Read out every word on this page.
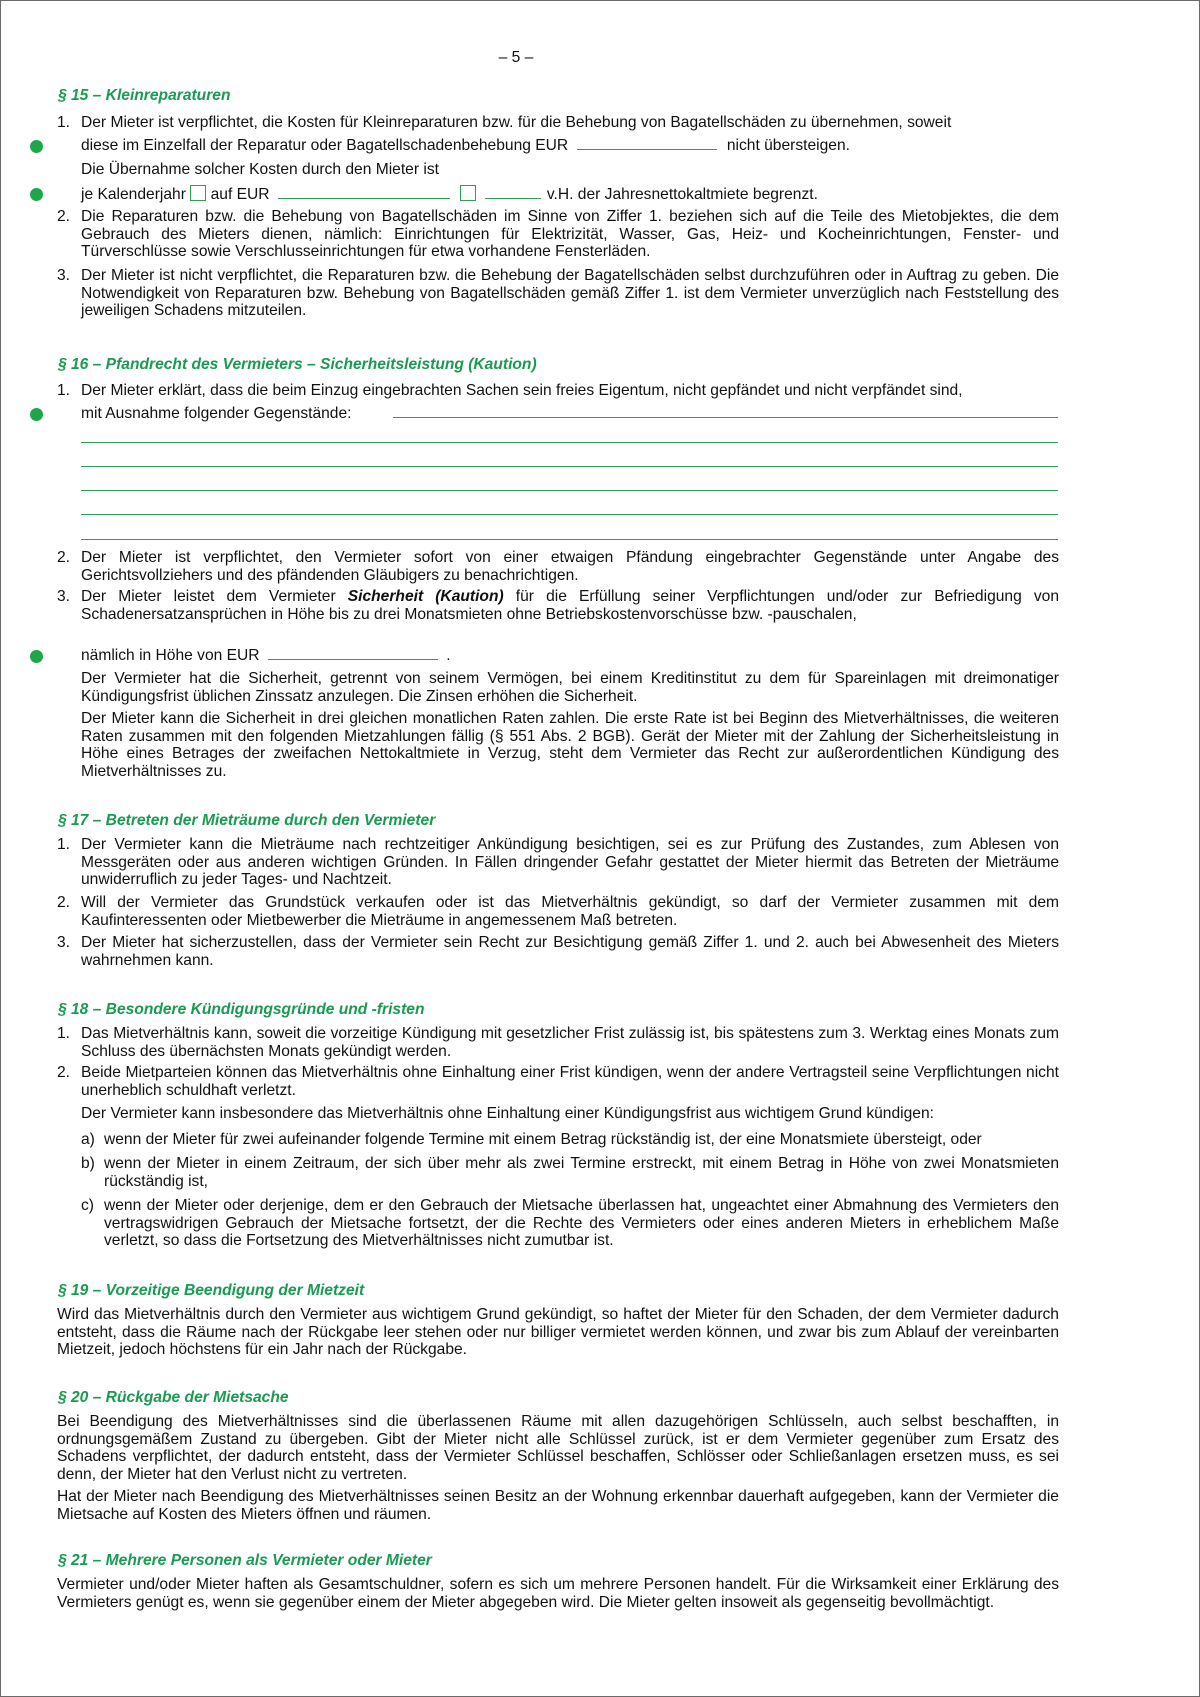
– 5 –
§ 15 – Kleinreparaturen
1. Der Mieter ist verpflichtet, die Kosten für Kleinreparaturen bzw. für die Behebung von Bagatellschäden zu übernehmen, soweit
diese im Einzelfall der Reparatur oder Bagatellschadenbehebung EUR	nicht übersteigen.
Die Übernahme solcher Kosten durch den Mieter ist
je Kalenderjahr auf EUR	v.H. der Jahresnettokaltmiete begrenzt.
2. Die Reparaturen bzw. die Behebung von Bagatellschäden im Sinne von Ziffer 1. beziehen sich auf die Teile des Mietobjektes, die dem Gebrauch des Mieters dienen, nämlich: Einrichtungen für Elektrizität, Wasser, Gas, Heiz- und Kocheinrichtungen, Fenster- und Türverschlüsse sowie Verschlusseinrichtungen für etwa vorhandene Fensterläden.
3. Der Mieter ist nicht verpflichtet, die Reparaturen bzw. die Behebung der Bagatellschäden selbst durchzuführen oder in Auftrag zu geben. Die Notwendigkeit von Reparaturen bzw. Behebung von Bagatellschäden gemäß Ziffer 1. ist dem Vermieter unverzüglich nach Feststellung des jeweiligen Schadens mitzuteilen.
§ 16 – Pfandrecht des Vermieters – Sicherheitsleistung (Kaution)
1. Der Mieter erklärt, dass die beim Einzug eingebrachten Sachen sein freies Eigentum, nicht gepfändet und nicht verpfändet sind,
mit Ausnahme folgender Gegenstände:
2. Der Mieter ist verpflichtet, den Vermieter sofort von einer etwaigen Pfändung eingebrachter Gegenstände unter Angabe des Gerichtsvollziehers und des pfändenden Gläubigers zu benachrichtigen.
3. Der Mieter leistet dem Vermieter Sicherheit (Kaution) für die Erfüllung seiner Verpflichtungen und/oder zur Befriedigung von Schadenersatzansprüchen in Höhe bis zu drei Monatsmieten ohne Betriebskostenvorschüsse bzw. -pauschalen,
nämlich in Höhe von EUR	.
Der Vermieter hat die Sicherheit, getrennt von seinem Vermögen, bei einem Kreditinstitut zu dem für Spareinlagen mit dreimonatiger Kündigungsfrist üblichen Zinssatz anzulegen. Die Zinsen erhöhen die Sicherheit.
Der Mieter kann die Sicherheit in drei gleichen monatlichen Raten zahlen. Die erste Rate ist bei Beginn des Mietverhältnisses, die weiteren Raten zusammen mit den folgenden Mietzahlungen fällig (§ 551 Abs. 2 BGB). Gerät der Mieter mit der Zahlung der Sicherheitsleistung in Höhe eines Betrages der zweifachen Nettokaltmiete in Verzug, steht dem Vermieter das Recht zur außerordentlichen Kündigung des Mietverhältnisses zu.
§ 17 – Betreten der Mieträume durch den Vermieter
1. Der Vermieter kann die Mieträume nach rechtzeitiger Ankündigung besichtigen, sei es zur Prüfung des Zustandes, zum Ablesen von Messgeräten oder aus anderen wichtigen Gründen. In Fällen dringender Gefahr gestattet der Mieter hiermit das Betreten der Mieträume unwiderruflich zu jeder Tages- und Nachtzeit.
2. Will der Vermieter das Grundstück verkaufen oder ist das Mietverhältnis gekündigt, so darf der Vermieter zusammen mit dem Kaufinteressenten oder Mietbewerber die Mieträume in angemessenem Maß betreten.
3. Der Mieter hat sicherzustellen, dass der Vermieter sein Recht zur Besichtigung gemäß Ziffer 1. und 2. auch bei Abwesenheit des Mieters wahrnehmen kann.
§ 18 – Besondere Kündigungsgründe und -fristen
1. Das Mietverhältnis kann, soweit die vorzeitige Kündigung mit gesetzlicher Frist zulässig ist, bis spätestens zum 3. Werktag eines Monats zum Schluss des übernächsten Monats gekündigt werden.
2. Beide Mietparteien können das Mietverhältnis ohne Einhaltung einer Frist kündigen, wenn der andere Vertragsteil seine Verpflichtungen nicht unerheblich schuldhaft verletzt.
Der Vermieter kann insbesondere das Mietverhältnis ohne Einhaltung einer Kündigungsfrist aus wichtigem Grund kündigen:
a) wenn der Mieter für zwei aufeinander folgende Termine mit einem Betrag rückständig ist, der eine Monatsmiete übersteigt, oder
b) wenn der Mieter in einem Zeitraum, der sich über mehr als zwei Termine erstreckt, mit einem Betrag in Höhe von zwei Monatsmieten rückständig ist,
c) wenn der Mieter oder derjenige, dem er den Gebrauch der Mietsache überlassen hat, ungeachtet einer Abmahnung des Vermieters den vertragswidrigen Gebrauch der Mietsache fortsetzt, der die Rechte des Vermieters oder eines anderen Mieters in erheblichem Maße verletzt, so dass die Fortsetzung des Mietverhältnisses nicht zumutbar ist.
§ 19 – Vorzeitige Beendigung der Mietzeit
Wird das Mietverhältnis durch den Vermieter aus wichtigem Grund gekündigt, so haftet der Mieter für den Schaden, der dem Vermieter dadurch entsteht, dass die Räume nach der Rückgabe leer stehen oder nur billiger vermietet werden können, und zwar bis zum Ablauf der vereinbarten Mietzeit, jedoch höchstens für ein Jahr nach der Rückgabe.
§ 20 – Rückgabe der Mietsache
Bei Beendigung des Mietverhältnisses sind die überlassenen Räume mit allen dazugehörigen Schlüsseln, auch selbst beschafften, in ordnungsgemäßem Zustand zu übergeben. Gibt der Mieter nicht alle Schlüssel zurück, ist er dem Vermieter gegenüber zum Ersatz des Schadens verpflichtet, der dadurch entsteht, dass der Vermieter Schlüssel beschaffen, Schlösser oder Schließanlagen ersetzen muss, es sei denn, der Mieter hat den Verlust nicht zu vertreten.
Hat der Mieter nach Beendigung des Mietverhältnisses seinen Besitz an der Wohnung erkennbar dauerhaft aufgegeben, kann der Vermieter die Mietsache auf Kosten des Mieters öffnen und räumen.
§ 21 – Mehrere Personen als Vermieter oder Mieter
Vermieter und/oder Mieter haften als Gesamtschuldner, sofern es sich um mehrere Personen handelt. Für die Wirksamkeit einer Erklärung des Vermieters genügt es, wenn sie gegenüber einem der Mieter abgegeben wird. Die Mieter gelten insoweit als gegenseitig bevollmächtigt.
